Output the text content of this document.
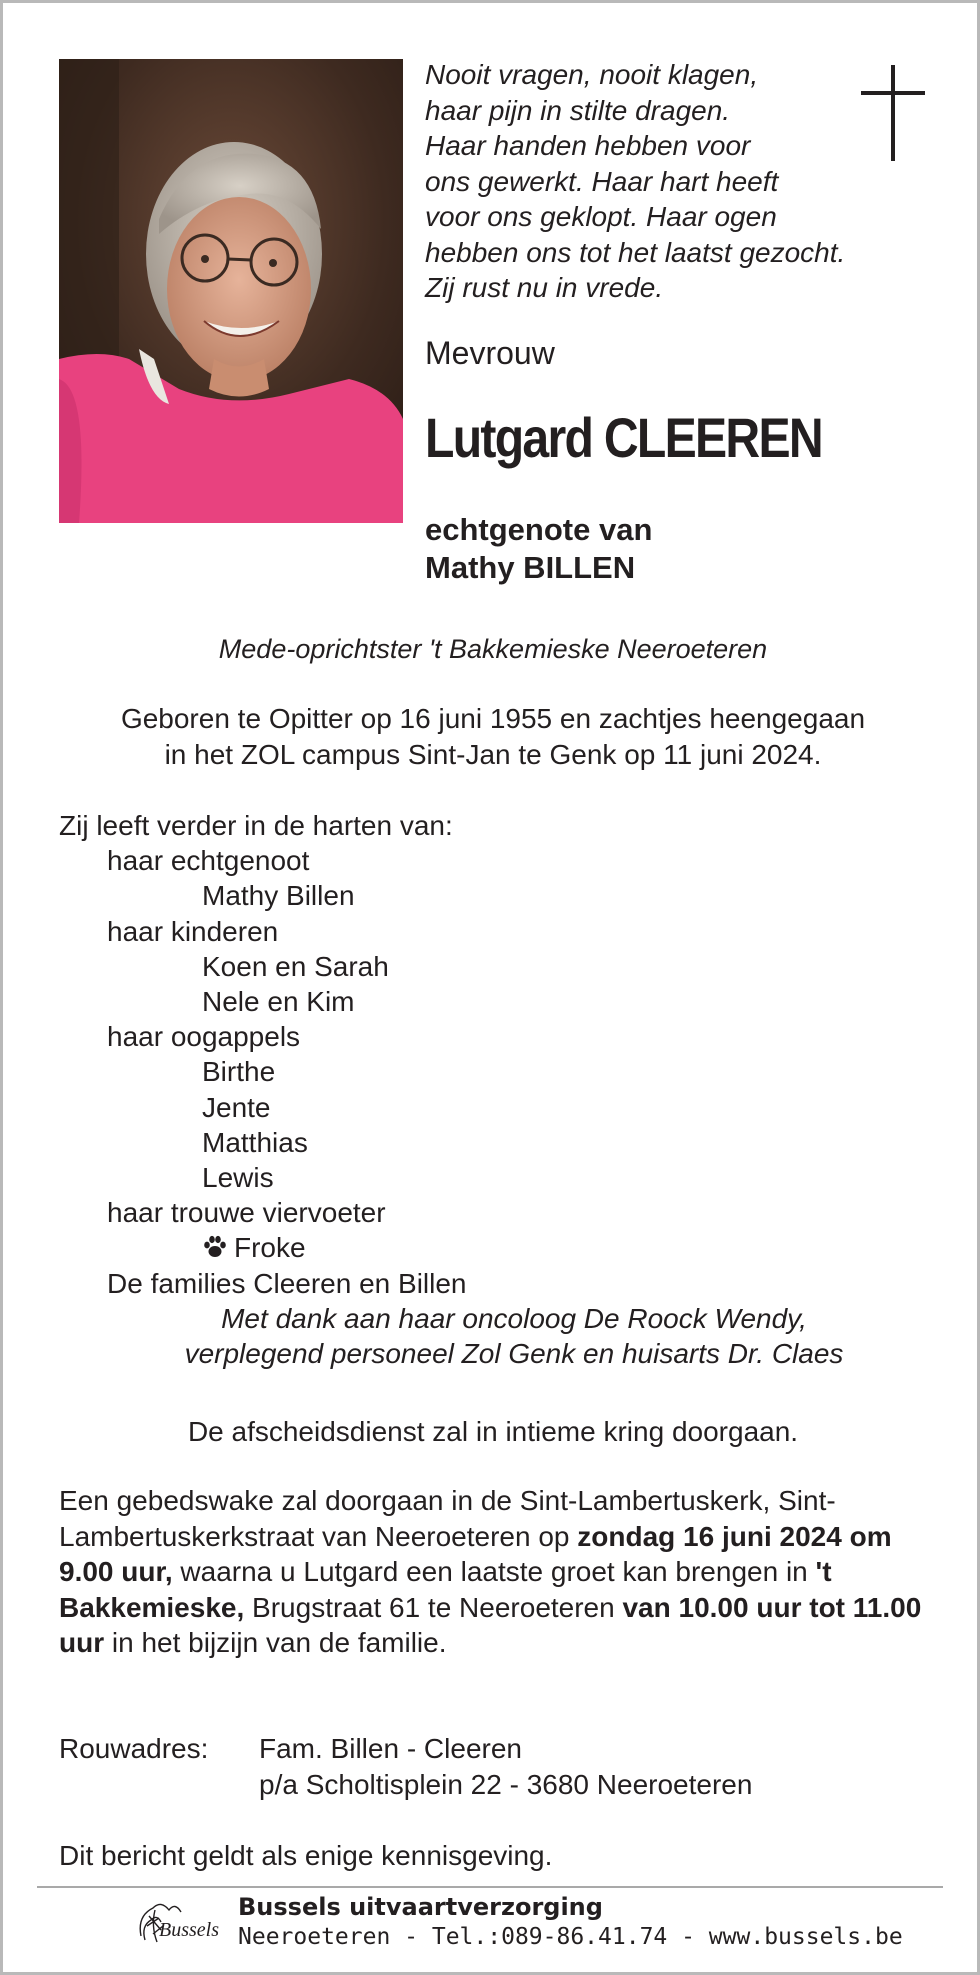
Nooit vragen, nooit klagen,
haar pijn in stilte dragen.
Haar handen hebben voor
ons gewerkt. Haar hart heeft
voor ons geklopt. Haar ogen
hebben ons tot het laatst gezocht.
Zij rust nu in vrede.
Mevrouw
Lutgard CLEEREN
echtgenote van
Mathy BILLEN
Mede-oprichtster 't Bakkemieske Neeroeteren
Geboren te Opitter op 16 juni 1955 en zachtjes heengegaan
in het ZOL campus Sint-Jan te Genk op 11 juni 2024.
Zij leeft verder in de harten van:
haar echtgenoot
Mathy Billen
haar kinderen
Koen en Sarah
Nele en Kim
haar oogappels
Birthe
Jente
Matthias
Lewis
haar trouwe viervoeter
Froke
De families Cleeren en Billen
Met dank aan haar oncoloog De Roock Wendy,
verplegend personeel Zol Genk en huisarts Dr. Claes
De afscheidsdienst zal in intieme kring doorgaan.
Een gebedswake zal doorgaan in de Sint-Lambertuskerk, Sint-Lambertuskerkstraat van Neeroeteren op zondag 16 juni 2024 om 9.00 uur, waarna u Lutgard een laatste groet kan brengen in 't Bakkemieske, Brugstraat 61 te Neeroeteren van 10.00 uur tot 11.00 uur in het bijzijn van de familie.
Rouwadres: Fam. Billen - Cleeren
p/a Scholtisplein 22 - 3680 Neeroeteren
Dit bericht geldt als enige kennisgeving.
Bussels
Bussels uitvaartverzorging
Neeroeteren - Tel.:089-86.41.74 - www.bussels.be
